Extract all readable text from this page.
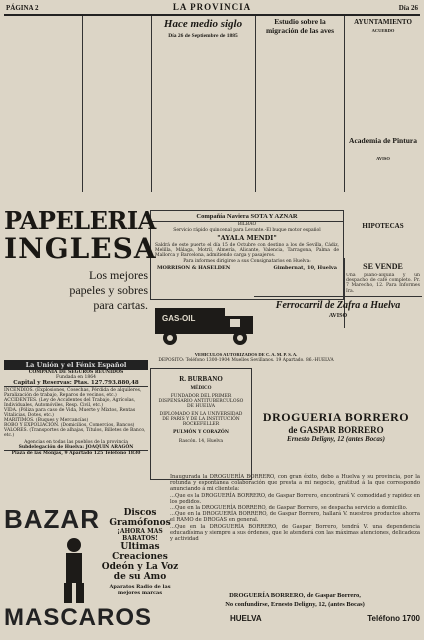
PÁGINA 2	LA PROVINCIA	Día 26

Hace medio siglo
Día 26 de Septiembre de 1885
Estudio sobre la migración de las aves
AYUNTAMIENTO
ACUERDO
Academia de Pintura
AVISO
HIPOTECAS
Compañía Naviera SOTA Y AZNAR
BILBAO
Servicio rápido quincenal para Levante.-El buque motor español
"AYALA MENDI"
Saldrá de este puerto el día 15 de Octubre con destino a los de Sevilla, Cádiz, Melilla, Málaga, Motril, Almería, Alicante, Valencia, Tarragona, Palma de Mallorca y Barcelona, admitiendo carga y pasajeros.
Para informes dirigirse a sus Consignatarios en Huelva:
MORRISON & HASELDEN	Gimbernat, 10, Huelva
PAPELERIA
INGLESA
Los mejores papeles y sobres para cartas.
GAS-OIL
VEHICULOS AUTORIZADOS DE C. A. M. P. S. A.
DEPOSITO: Teléfono 1300-1904 Muelles Sevillanos. 19 Apartado. 86.-HUELVA
SE VENDE
Una piano-alquila y un despacho de café completo. Pr. 7 Marecho, 12. Para Informes Ira.
Ferrocarril de Zafra a Huelva
AVISO
La Unión y el Fénix Español
COMPAÑÍA DE SEGUROS REUNIDOS
Fundada en 1864
Capital y Reservas: Ptas. 127.793.880,48
INCENDIOS. (Explosiones, Cosechas, Pérdida de alquileres, Paralización de trabajo, Reparos de vecinos, etc.)
ACCIDENTES. (Ley de Accidentes del Trabajo, Agrícolas, Individuales, Automóviles, Resp. Civil, etc.)
VIDA. (Póliza para caso de Vida, Muerte y Mixtos, Rentas Vitalicias, Dotes, etc.)
MARITIMOS. (Buques y Mercancías)
ROBO Y EXPOLIACIÓN. (Domicilios, Comercios, Bancos)
VALORES. (Transportes de alhajas, Títulos, Billetes de Banco, etc.)
Agencias en todas las pueblos de la provincia
Subdelegación de Huelva: JOAQUIN ARAGÓN
Plaza de las Monjas, 9 Apartado 125 Teléfono 1830
R. BURBANO
MÉDICO
FUNDADOR DEL PRIMER DISPENSARIO ANTITUBERCULOSO DE HUELVA
DIPLOMADO EN LA UNIVERSIDAD DE PARIS Y DE LA INSTITUCIÓN ROCKEFELLER
PULMÓN Y CORAZÓN
Rascón. 14, Huelva
DROGUERIA BORRERO
de GASPAR BORRERO
Ernesto Deligny, 12 (antes Bocas)
Inaugurada la DROGUERÍA BORRERO, con gran éxito, debo a Huelva y su provincia, por la rotunda y espontánea colaboración que presta a mi negocio, gratitud á la que correspondo anunciando á mi clientela:
...Que es la DROGUERÍA BORRERO, de Gaspar Borrero, encontrará V. comodidad y rapidez en los pedidos.
...Que en la DROGUERÍA BORRERO, de Gaspar Borrero, se despacha servicio a domicilio.
...Que en la DROGUERÍA BORRERO, de Gaspar Borrero, hallará V. nuestros productos ahorra el RAMO de DROGAS en general.
...Que en la DROGUERÍA BORRERO, de Gaspar Borrero, tendrá V. una dependencia educadísima y siempre a sus órdenes, que le atenderá con las máximas atenciones, delicadeza y actividad
DROGUERÍA BORRERO, de Gaspar Borrero,
No confundirse, Ernesto Deligny, 12, (antes Bocas)
HUELVA	Teléfono 1700
BAZAR
MASCAROS
Discos
Gramófonos
¡AHORA MAS BARATOS!
Ultimas
Creaciones
Odeón y La Voz
de su Amo
Aparatos Radio de las mejores marcas
